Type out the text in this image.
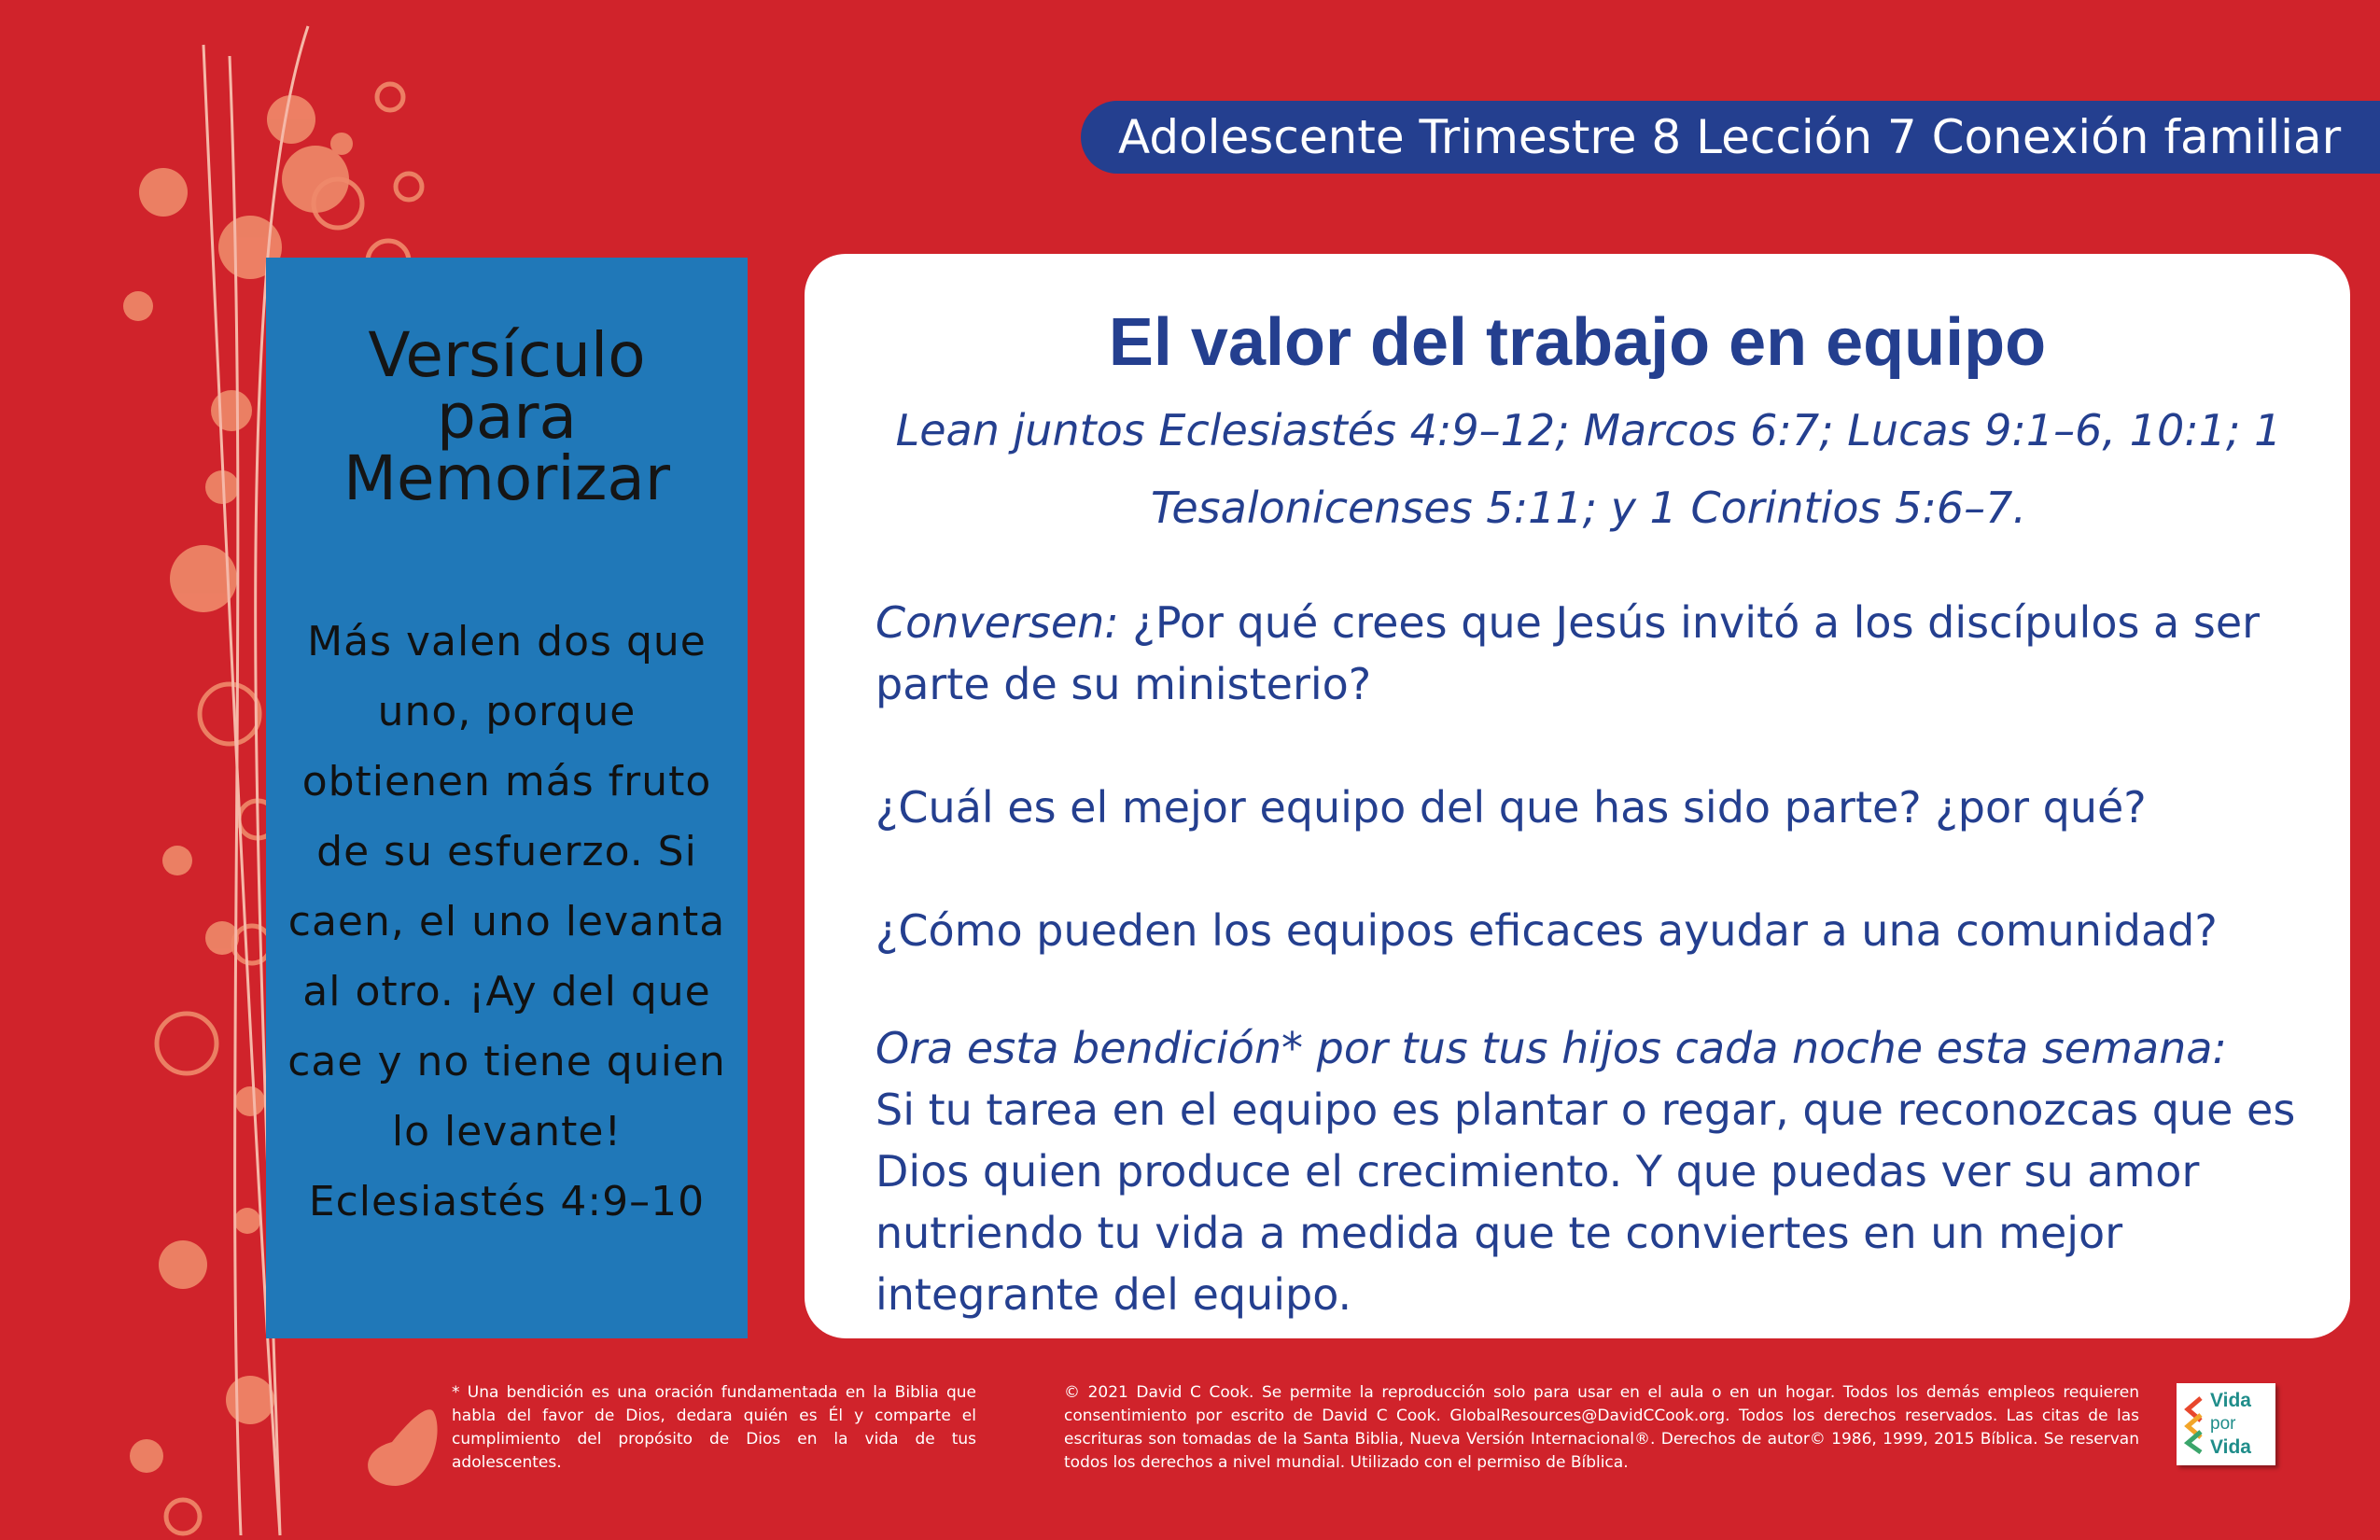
Adolescente Trimestre 8 Lección 7 Conexión familiar
Versículo
para
Memorizar
Más valen dos que uno, porque obtienen más fruto de su esfuerzo. Si caen, el uno levanta al otro. ¡Ay del que cae y no tiene quien lo levante!
Eclesiastés 4:9–10
El valor del trabajo en equipo
Lean juntos Eclesiastés 4:9–12; Marcos 6:7; Lucas 9:1–6, 10:1; 1 Tesalonicenses 5:11; y 1 Corintios 5:6–7.
Conversen: ¿Por qué crees que Jesús invitó a los discípulos a ser parte de su ministerio?
¿Cuál es el mejor equipo del que has sido parte? ¿por qué?
¿Cómo pueden los equipos eficaces ayudar a una comunidad?
Ora esta bendición* por tus tus hijos cada noche esta semana:
Si tu tarea en el equipo es plantar o regar, que reconozcas que es Dios quien produce el crecimiento. Y que puedas ver su amor nutriendo tu vida a medida que te conviertes en un mejor integrante del equipo.
* Una bendición es una oración fundamentada en la Biblia que habla del favor de Dios, dedara quién es Él y comparte el cumplimiento del propósito de Dios en la vida de tus adolescentes.
© 2021 David C Cook. Se permite la reproducción solo para usar en el aula o en un hogar. Todos los demás empleos requieren consentimiento por escrito de David C Cook. GlobalResources@DavidCCook.org. Todos los derechos reservados. Las citas de las escrituras son tomadas de la Santa Biblia, Nueva Versión Internacional®. Derechos de autor© 1986, 1999, 2015 Bíblica. Se reservan todos los derechos a nivel mundial. Utilizado con el permiso de Bíblica.
Vida
por
Vida
